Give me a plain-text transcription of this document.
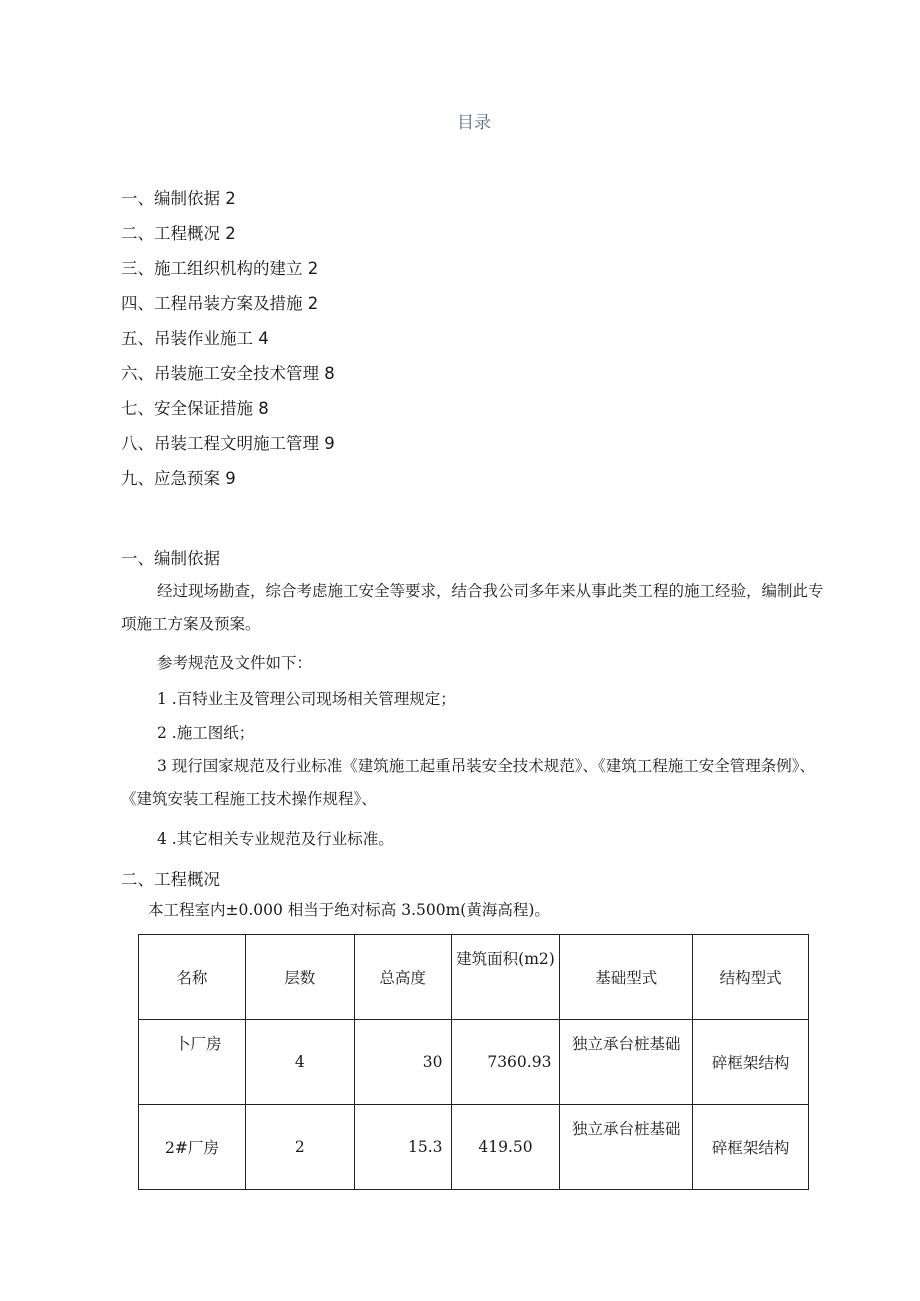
目录
一、编制依据 2
二、工程概况 2
三、施工组织机构的建立 2
四、工程吊装方案及措施 2
五、吊装作业施工 4
六、吊装施工安全技术管理 8
七、安全保证措施 8
八、吊装工程文明施工管理 9
九、应急预案 9
一、编制依据

经过现场勘查，综合考虑施工安全等要求，结合我公司多年来从事此类工程的施工经验，编制此专项施工方案及预案。

参考规范及文件如下：
1 .百特业主及管理公司现场相关管理规定；
2 .施工图纸；

3 现行国家规范及行业标准《建筑施工起重吊装安全技术规范》、《建筑工程施工安全管理条例》、《建筑安装工程施工技术操作规程》、

4 .其它相关专业规范及行业标准。
二、工程概况
本工程室内±0.000 相当于绝对标高 3.500m(黄海高程)。
名称	层数	总高度	建筑面积(m2)	基础型式	结构型式
卜厂房	4	30	7360.93	独立承台桩基础	碎框架结构
2#厂房	2	15.3	419.50	独立承台桩基础	碎框架结构
